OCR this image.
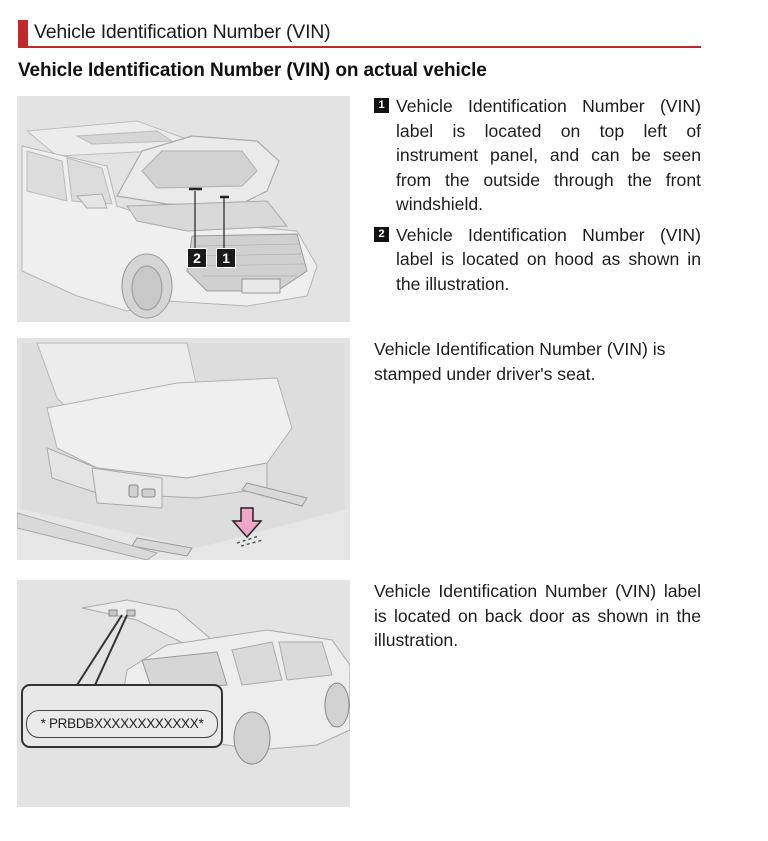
Vehicle Identification Number (VIN)
Vehicle Identification Number (VIN) on actual vehicle
2	1
* PRBDBXXXXXXXXXXXX*
1 Vehicle Identification Number (VIN) label is located on top left of instrument panel, and can be seen from the outside through the front windshield.
2 Vehicle Identification Number (VIN) label is located on hood as shown in the illustration.
Vehicle Identification Number (VIN) is stamped under driver's seat.
Vehicle Identification Number (VIN) label is located on back door as shown in the illustration.
